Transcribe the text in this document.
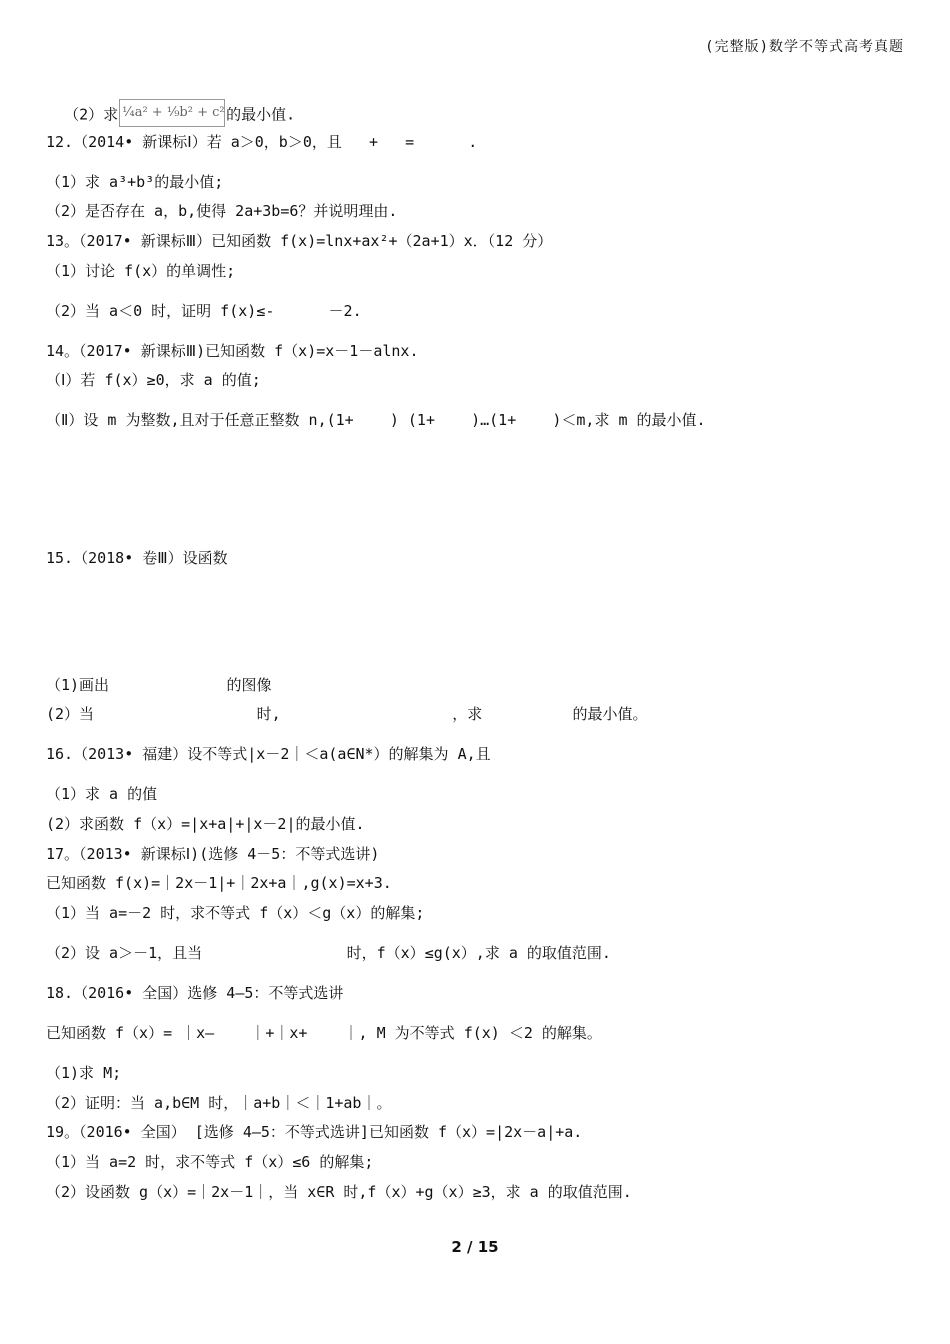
(完整版)数学不等式高考真题

（2）求 ¹⁄₄a² + ¹⁄₉b² + c² 的最小值.

12.（2014• 新课标Ⅰ）若 a＞0，b＞0，且   +   =      .
（1）求 a³+b³的最小值;
（2）是否存在 a，b,使得 2a+3b=6？并说明理由.
13。（2017• 新课标Ⅲ）已知函数 f(x)=lnx+ax²+（2a+1）x．（12 分）
（1）讨论 f(x）的单调性;
（2）当 a＜0 时，证明 f(x)≤-      －2.
14。（2017• 新课标Ⅲ)已知函数 f（x)=x－1－alnx.
（Ⅰ）若 f(x）≥0，求 a 的值;
（Ⅱ）设 m 为整数,且对于任意正整数 n,(1+    ) (1+    )…(1+    )＜m,求 m 的最小值.
15.（2018• 卷Ⅲ）设函数
（1)画出             的图像
(2）当                  时,                   ，求          的最小值。
16.（2013• 福建）设不等式|x－2｜＜a(a∈N*）的解集为 A,且
（1）求 a 的值
(2）求函数 f（x）=|x+a|+|x－2|的最小值.
17。（2013• 新课标Ⅰ)(选修 4－5：不等式选讲)
已知函数 f(x)=｜2x－1|+｜2x+a｜,g(x)=x+3.
（1）当 a=－2 时，求不等式 f（x）＜g（x）的解集;
（2）设 a＞－1，且当                时，f（x）≤g(x）,求 a 的取值范围.
18.（2016• 全国）选修 4—5：不等式选讲
已知函数 f（x）= ｜x—    ｜+｜x+    ｜, M 为不等式 f(x) ＜2 的解集。
（1)求 M;
（2）证明：当 a,b∈M 时，｜a+b｜＜｜1+ab｜。
19。（2016• 全国） [选修 4—5：不等式选讲]已知函数 f（x）=|2x－a|+a.
（1）当 a=2 时，求不等式 f（x）≤6 的解集;
（2）设函数 g（x）=｜2x－1｜，当 x∈R 时,f（x）+g（x）≥3，求 a 的取值范围.
2 / 15
